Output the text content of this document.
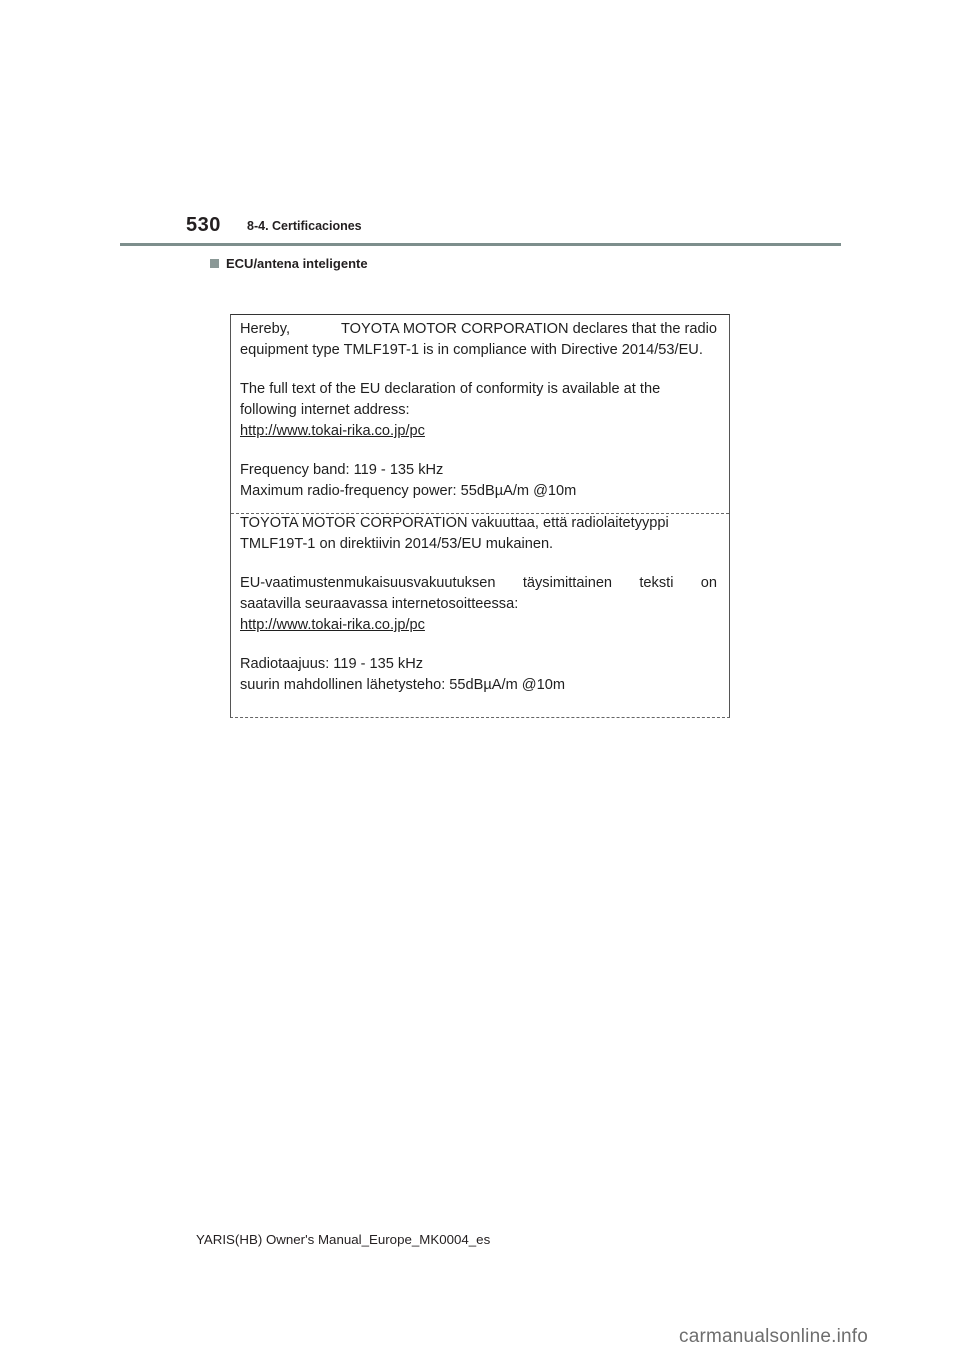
530 8-4. Certificaciones
ECU/antena inteligente

Hereby,	TOYOTA MOTOR CORPORATION declares that the radio

equipment type TMLF19T-1 is in compliance with Directive 2014/53/EU.

The full text of the EU declaration of conformity is available at the

following internet address:

http://www.tokai-rika.co.jp/pc

Frequency band: 119 - 135 kHz

Maximum radio-frequency power: 55dBµA/m @10m

TOYOTA MOTOR CORPORATION vakuuttaa, että radiolaitetyyppi

TMLF19T-1 on direktiivin 2014/53/EU mukainen.

EU-vaatimustenmukaisuusvakuutuksen täysimittainen teksti on

saatavilla seuraavassa internetosoitteessa:

http://www.tokai-rika.co.jp/pc

Radiotaajuus: 119 - 135 kHz

suurin mahdollinen lähetysteho: 55dBµA/m @10m

YARIS(HB) Owner's Manual_Europe_MK0004_es
carmanualsonline.info
